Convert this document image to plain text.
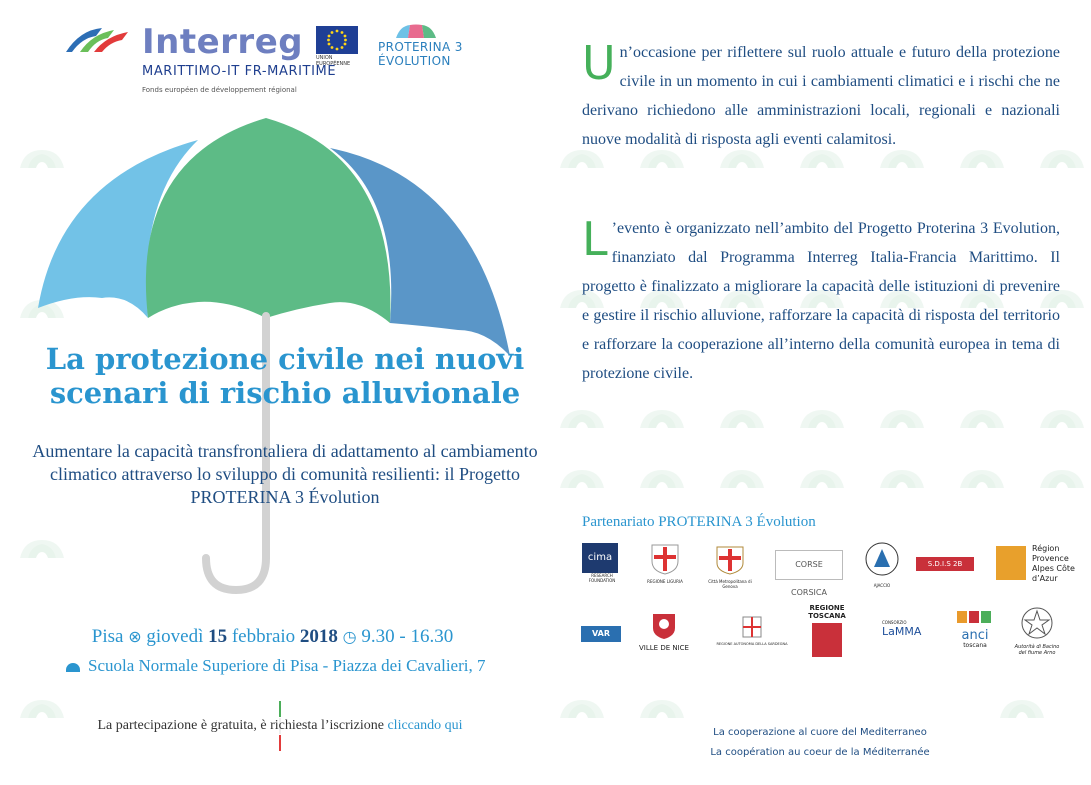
Interreg
MARITTIMO-IT FR-MARITIME
Fonds européen de développement régional
UNION EUROPÉENNE
PROTERINA 3
ÉVOLUTION
La protezione civile nei nuovi scenari di rischio alluvionale
Aumentare la capacità transfrontaliera di adattamento al cambiamento climatico attraverso lo sviluppo di comunità resilienti: il Progetto PROTERINA 3 Évolution
Pisa ⊗ giovedì 15 febbraio 2018 ◷ 9.30 - 16.30
Scuola Normale Superiore di Pisa - Piazza dei Cavalieri, 7
La partecipazione è gratuita, è richiesta l’iscrizione cliccando qui
Un’occasione per riflettere sul ruolo attuale e futuro della protezione civile in un momento in cui i cambiamenti climatici e i rischi che ne derivano richiedono alle amministrazioni locali, regionali e nazionali nuove modalità di risposta agli eventi calamitosi.
L ’evento è organizzato nell’ambito del Progetto Proterina 3 Evolution, finanziato dal Programma Interreg Italia-Francia Marittimo. Il progetto è finalizzato a migliorare la capacità delle istituzioni di prevenire e gestire il rischio alluvione, rafforzare la capacità di risposta del territorio e rafforzare la cooperazione all’interno della comunità europea in tema di protezione civile.
Partenariato PROTERINA 3 Évolution
cima
RESEARCH FOUNDATION	REGIONE LIGURIA	Città Metropolitana di Genova
CORSE CORSICA
AJACCIO
S.D.I.S 2B
Région Provence Alpes Côte d’Azur
VAR
VILLE DE NICE	REGIONE AUTONOMA DELLA SARDEGNA
REGIONE TOSCANA
CONSORZIO
LaMMA	anci
toscana	Autorità di Bacino del fiume Arno
La cooperazione al cuore del Mediterraneo
La coopération au coeur de la Méditerranée
